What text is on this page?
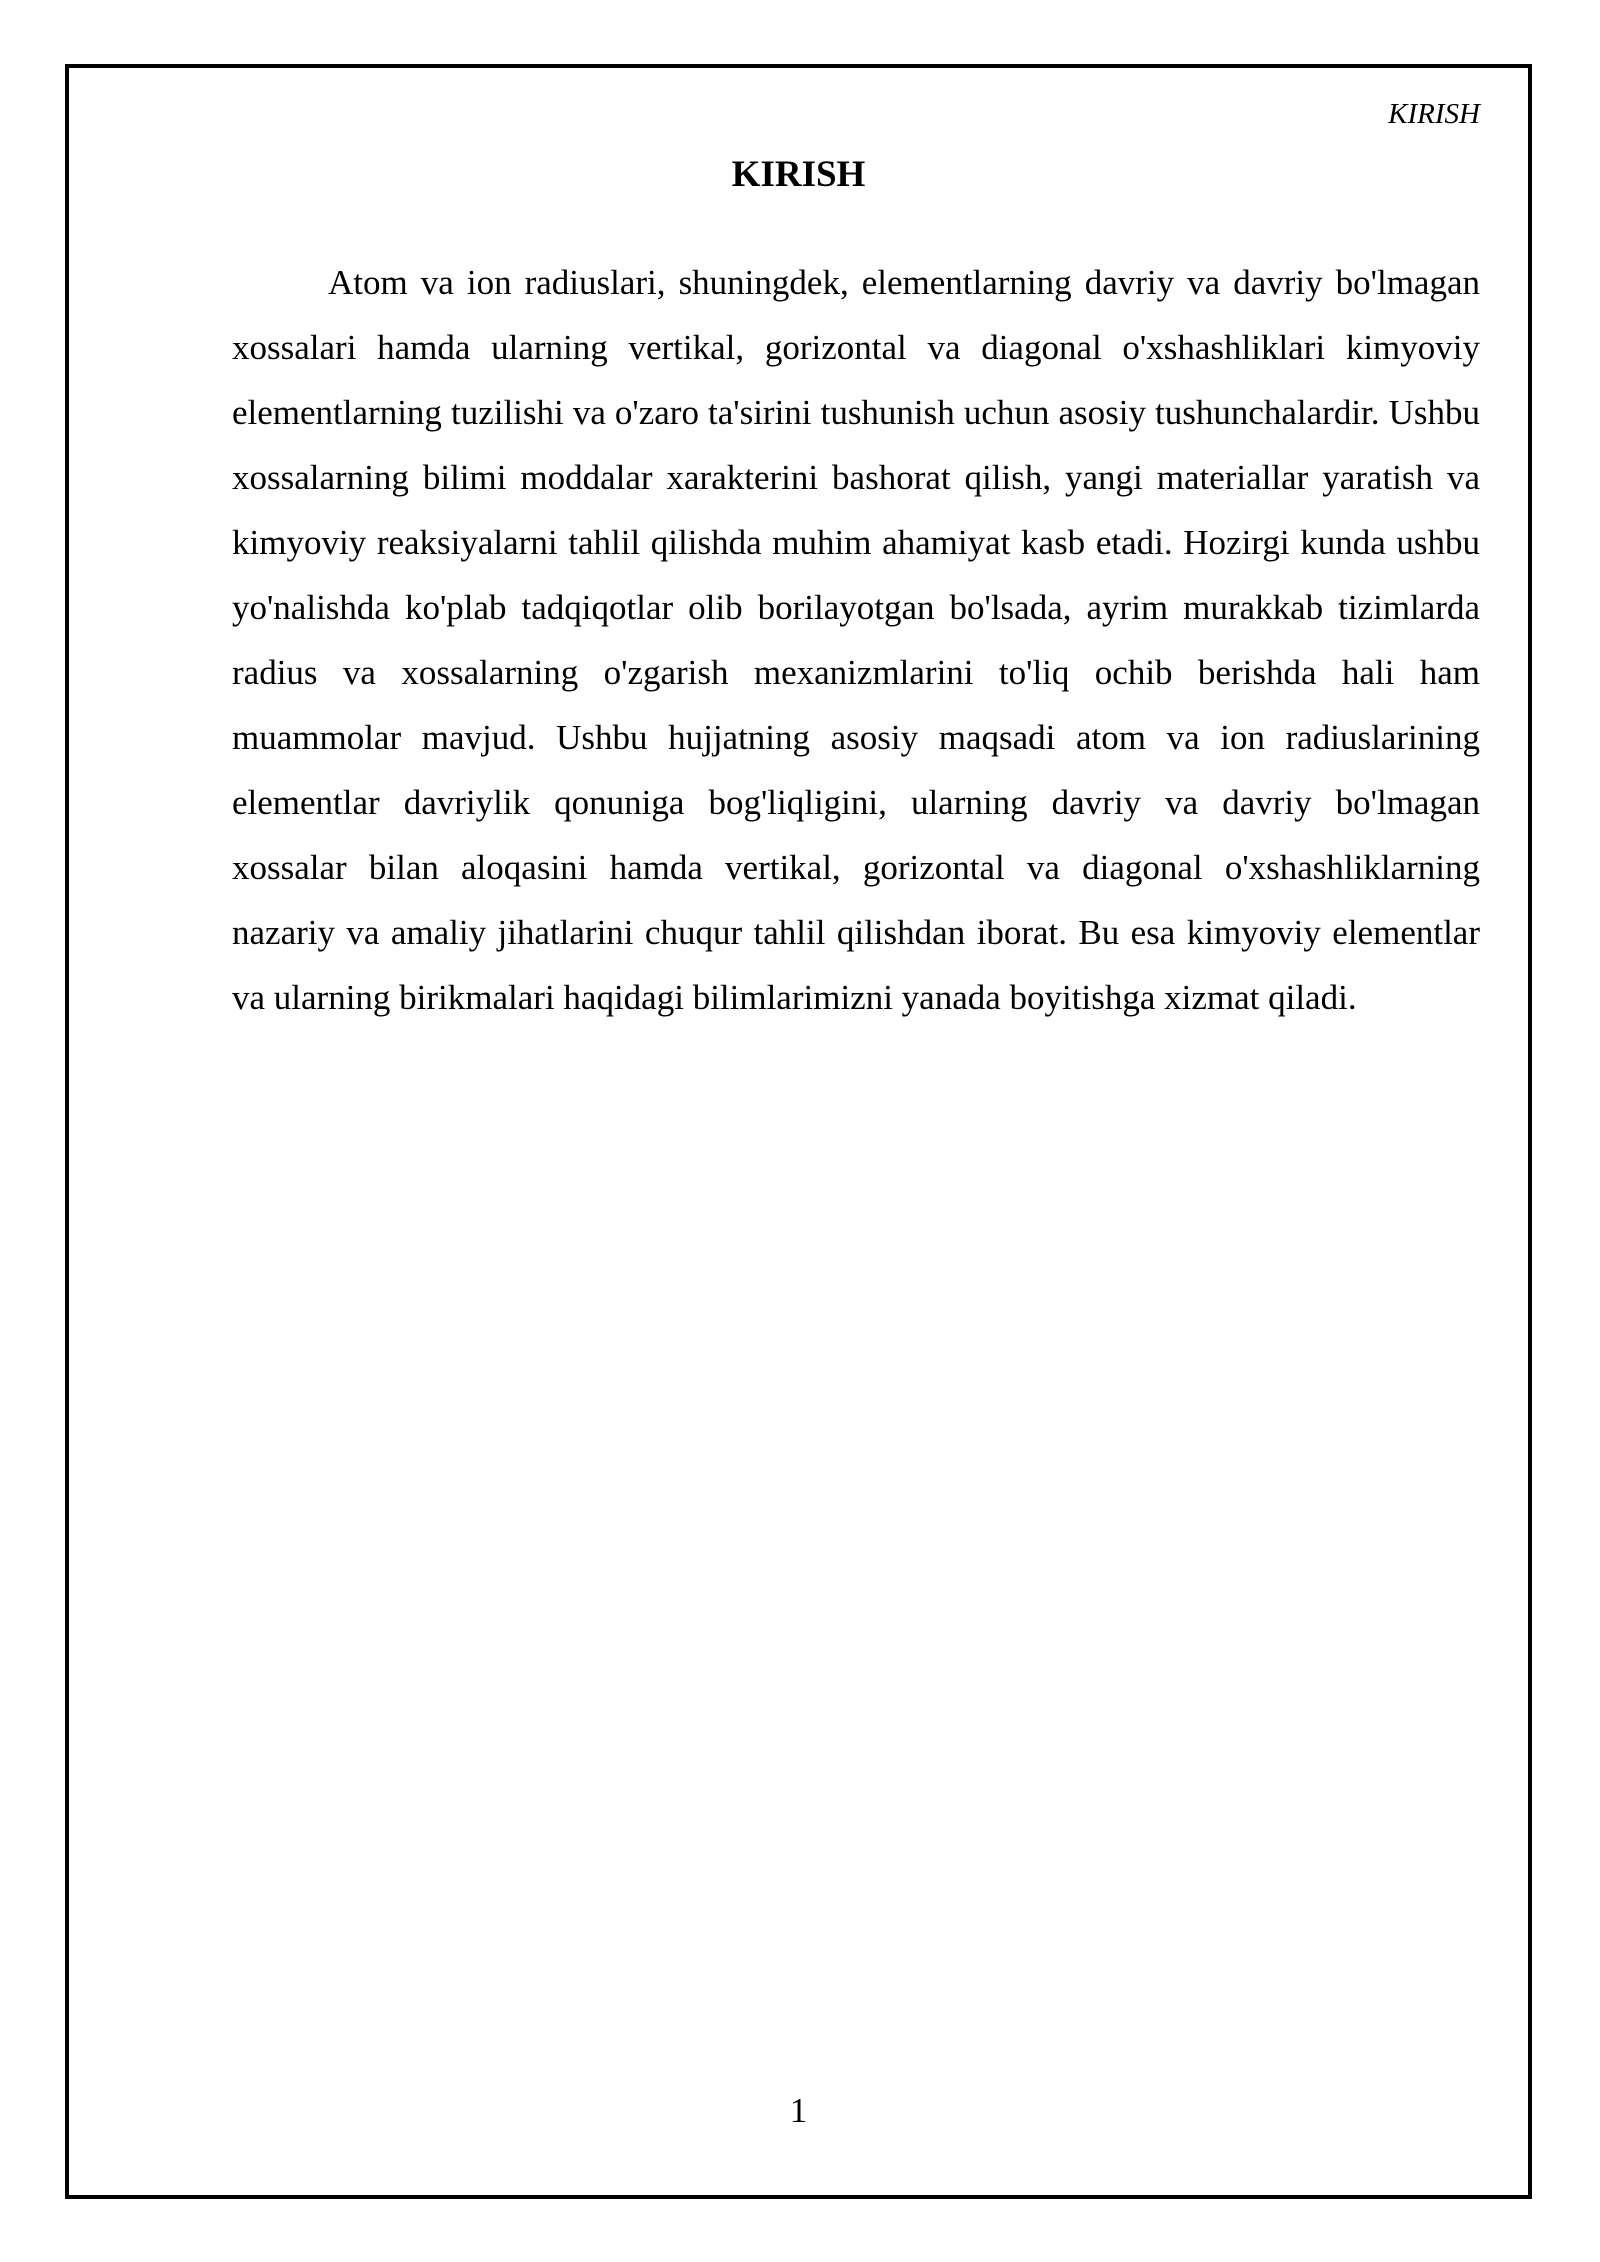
KIRISH
KIRISH

Atom va ion radiuslari, shuningdek, elementlarning davriy va davriy bo'lmagan xossalari hamda ularning vertikal, gorizontal va diagonal o'xshashliklari kimyoviy elementlarning tuzilishi va o'zaro ta'sirini tushunish uchun asosiy tushunchalardir. Ushbu xossalarning bilimi moddalar xarakterini bashorat qilish, yangi materiallar yaratish va kimyoviy reaksiyalarni tahlil qilishda muhim ahamiyat kasb etadi. Hozirgi kunda ushbu yo'nalishda ko'plab tadqiqotlar olib borilayotgan bo'lsada, ayrim murakkab tizimlarda radius va xossalarning o'zgarish mexanizmlarini to'liq ochib berishda hali ham muammolar mavjud. Ushbu hujjatning asosiy maqsadi atom va ion radiuslarining elementlar davriylik qonuniga bog'liqligini, ularning davriy va davriy bo'lmagan xossalar bilan aloqasini hamda vertikal, gorizontal va diagonal o'xshashliklarning nazariy va amaliy jihatlarini chuqur tahlil qilishdan iborat. Bu esa kimyoviy elementlar va ularning birikmalari haqidagi bilimlarimizni yanada boyitishga xizmat qiladi.

1
